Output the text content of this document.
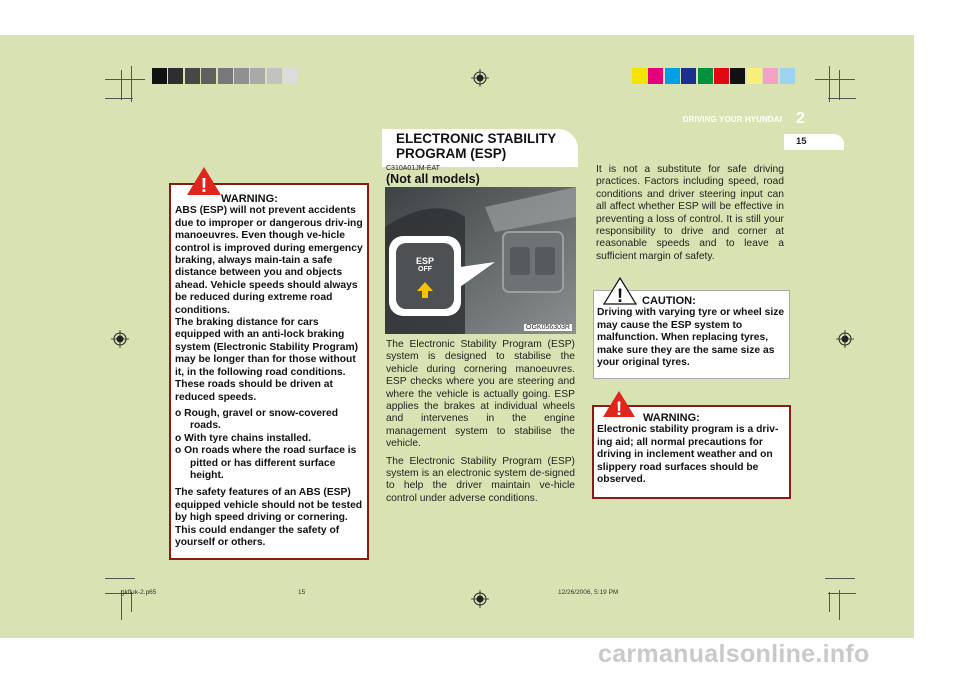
DRIVING YOUR HYUNDAI 2
15
ELECTRONIC STABILITY PROGRAM (ESP)
WARNING:
ABS (ESP) will not prevent accidents due to improper or dangerous driv-ing manoeuvres. Even though ve-hicle control is improved during emergency braking, always main-tain a safe distance between you and objects ahead. Vehicle speeds should always be reduced during extreme road conditions.
The braking distance for cars equipped with an anti-lock braking system (Electronic Stability Program) may be longer than for those without it, in the following road conditions. These roads should be driven at reduced speeds.
o Rough, gravel or snow-covered roads.
o With tyre chains installed.
o On roads where the road surface is pitted or has different surface height.
The safety features of an ABS (ESP) equipped vehicle should not be tested by high speed driving or cornering. This could endanger the safety of yourself or others.
!
C310A01JM-EAT
(Not all models)
ESP
OFF
OGK056303R
The Electronic Stability Program (ESP) system is designed to stabilise the vehicle during cornering manoeuvres. ESP checks where you are steering and where the vehicle is actually going. ESP applies the brakes at individual wheels and intervenes in the engine management system to stabilise the vehicle.
The Electronic Stability Program (ESP) system is an electronic system de-signed to help the driver maintain ve-hicle control under adverse conditions.
It is not a substitute for safe driving practices. Factors including speed, road conditions and driver steering input can all affect whether ESP will be effective in preventing a loss of control. It is still your responsibility to drive and corner at reasonable speeds and to leave a sufficient margin of safety.
CAUTION:
Driving with varying tyre or wheel size may cause the ESP system to malfunction. When replacing tyres, make sure they are the same size as your original tyres.
!
WARNING:
Electronic stability program is a driv-ing aid; all normal precautions for driving in inclement weather and on slippery road surfaces should be observed.
!
gkfluk-2.p65	15	12/26/2006, 5:19 PM
carmanualsonline.info
